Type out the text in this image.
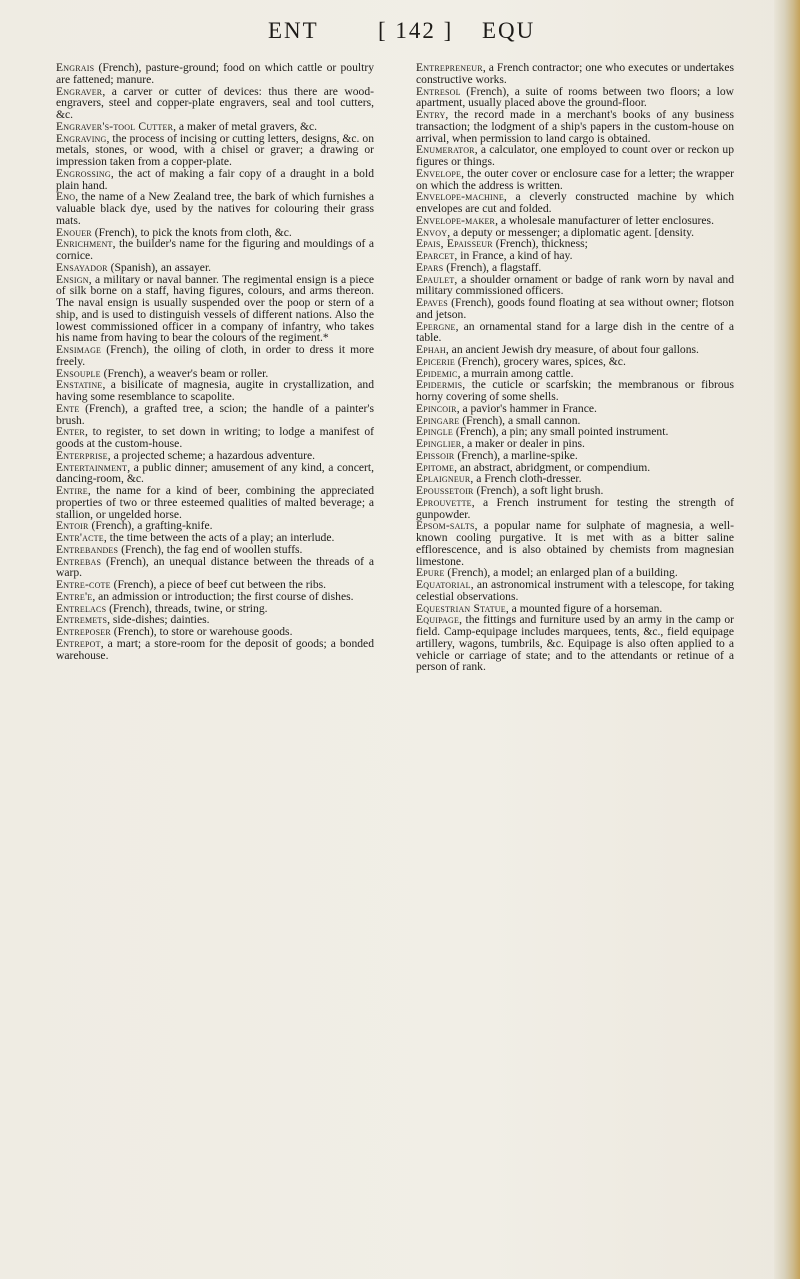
ENT	[ 142 ] EQU

Engrais (French), pasture-ground; food on which cattle or poultry are fattened; manure.

Engraver, a carver or cutter of devices: thus there are wood-engravers, steel and copper-plate engravers, seal and tool cutters, &c.

Engraver's-tool Cutter, a maker of metal gravers, &c.

Engraving, the process of incising or cutting letters, designs, &c. on metals, stones, or wood, with a chisel or graver; a drawing or impression taken from a copper-plate.

Engrossing, the act of making a fair copy of a draught in a bold plain hand.

Eno, the name of a New Zealand tree, the bark of which furnishes a valuable black dye, used by the natives for colouring their grass mats.

Enouer (French), to pick the knots from cloth, &c.

Enrichment, the builder's name for the figuring and mouldings of a cornice.

Ensayador (Spanish), an assayer.

Ensign, a military or naval banner. The regimental ensign is a piece of silk borne on a staff, having figures, colours, and arms thereon. The naval ensign is usually suspended over the poop or stern of a ship, and is used to distinguish vessels of different nations. Also the lowest commissioned officer in a company of infantry, who takes his name from having to bear the colours of the regiment.*

Ensimage (French), the oiling of cloth, in order to dress it more freely.

Ensouple (French), a weaver's beam or roller.

Enstatine, a bisilicate of magnesia, augite in crystallization, and having some resemblance to scapolite.

Ente (French), a grafted tree, a scion; the handle of a painter's brush.

Enter, to register, to set down in writing; to lodge a manifest of goods at the custom-house.

Enterprise, a projected scheme; a hazardous adventure.

Entertainment, a public dinner; amusement of any kind, a concert, dancing-room, &c.

Entire, the name for a kind of beer, combining the appreciated properties of two or three esteemed qualities of malted beverage; a stallion, or ungelded horse.

Entoir (French), a grafting-knife.

Entr'acte, the time between the acts of a play; an interlude.

Entrebandes (French), the fag end of woollen stuffs.

Entrebas (French), an unequal distance between the threads of a warp.

Entre-cote (French), a piece of beef cut between the ribs.

Entre'e, an admission or introduction; the first course of dishes.

Entrelacs (French), threads, twine, or string.

Entremets, side-dishes; dainties.

Entreposer (French), to store or warehouse goods.

Entrepot, a mart; a store-room for the deposit of goods; a bonded warehouse.

Entrepreneur, a French contractor; one who executes or undertakes constructive works.

Entresol (French), a suite of rooms between two floors; a low apartment, usually placed above the ground-floor.

Entry, the record made in a merchant's books of any business transaction; the lodgment of a ship's papers in the custom-house on arrival, when permission to land cargo is obtained.

Enumerator, a calculator, one employed to count over or reckon up figures or things.

Envelope, the outer cover or enclosure case for a letter; the wrapper on which the address is written.

Envelope-machine, a cleverly constructed machine by which envelopes are cut and folded.

Envelope-maker, a wholesale manufacturer of letter enclosures.

Envoy, a deputy or messenger; a diplomatic agent. [density.

Epais, Epaisseur (French), thickness;

Eparcet, in France, a kind of hay.

Epars (French), a flagstaff.

Epaulet, a shoulder ornament or badge of rank worn by naval and military commissioned officers.

Epaves (French), goods found floating at sea without owner; flotson and jetson.

Epergne, an ornamental stand for a large dish in the centre of a table.

Ephah, an ancient Jewish dry measure, of about four gallons.

Epicerie (French), grocery wares, spices, &c.

Epidemic, a murrain among cattle.

Epidermis, the cuticle or scarfskin; the membranous or fibrous horny covering of some shells.

Epincoir, a pavior's hammer in France.

Epingare (French), a small cannon.

Epingle (French), a pin; any small pointed instrument.

Epinglier, a maker or dealer in pins.

Epissoir (French), a marline-spike.

Epitome, an abstract, abridgment, or compendium.

Eplaigneur, a French cloth-dresser.

Epoussetoir (French), a soft light brush.

Eprouvette, a French instrument for testing the strength of gunpowder.

Epsom-salts, a popular name for sulphate of magnesia, a well-known cooling purgative. It is met with as a bitter saline efflorescence, and is also obtained by chemists from magnesian limestone.

Epure (French), a model; an enlarged plan of a building.

Equatorial, an astronomical instrument with a telescope, for taking celestial observations.

Equestrian Statue, a mounted figure of a horseman.

Equipage, the fittings and furniture used by an army in the camp or field. Camp-equipage includes marquees, tents, &c., field equipage artillery, wagons, tumbrils, &c. Equipage is also often applied to a vehicle or carriage of state; and to the attendants or retinue of a person of rank.
